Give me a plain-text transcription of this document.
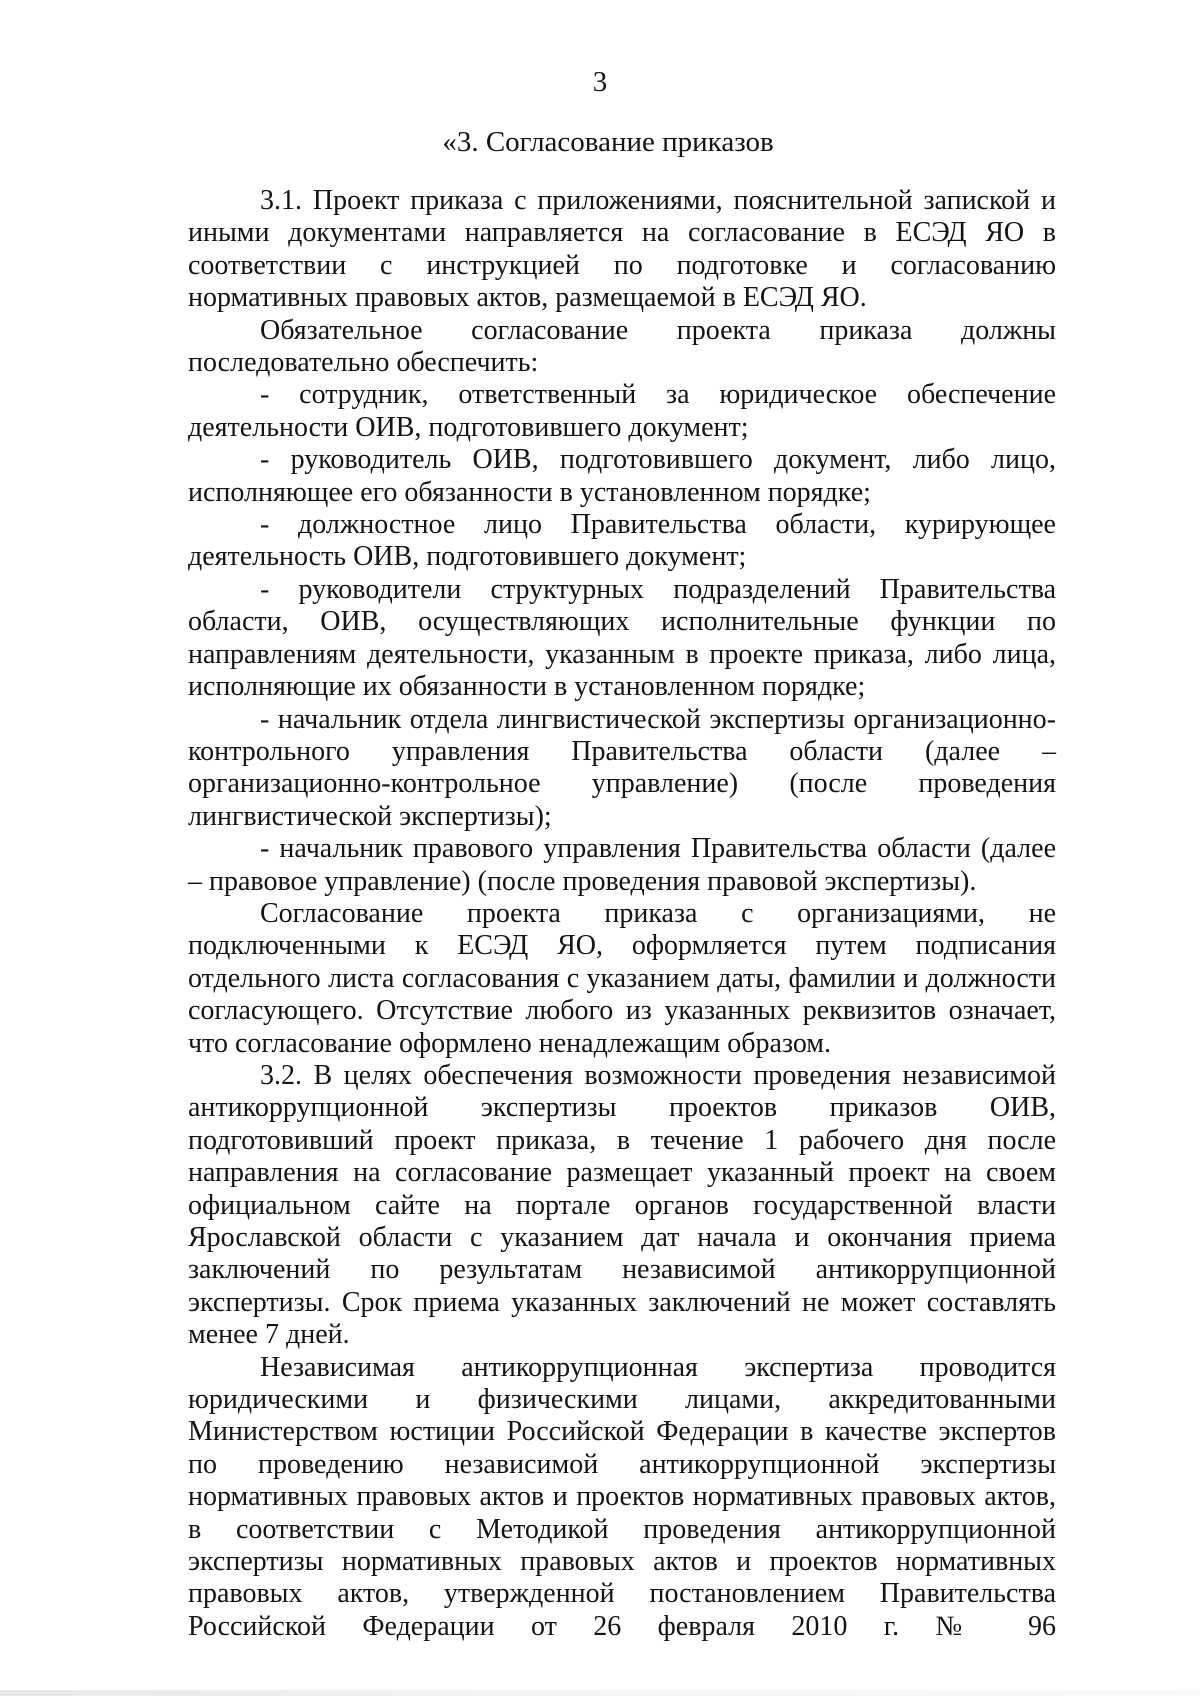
3
«3. Согласование приказов

3.1. Проект приказа с приложениями, пояснительной запиской и иными документами направляется на согласование в ЕСЭД ЯО в соответствии с инструкцией по подготовке и согласованию нормативных правовых актов, размещаемой в ЕСЭД ЯО.

Обязательное согласование проекта приказа должны последовательно обеспечить:

- сотрудник, ответственный за юридическое обеспечение деятельности ОИВ, подготовившего документ;

- руководитель ОИВ, подготовившего документ, либо лицо, исполняющее его обязанности в установленном порядке;

- должностное лицо Правительства области, курирующее деятельность ОИВ, подготовившего документ;

- руководители структурных подразделений Правительства области, ОИВ, осуществляющих исполнительные функции по направлениям деятельности, указанным в проекте приказа, либо лица, исполняющие их обязанности в установленном порядке;

- начальник отдела лингвистической экспертизы организационно-контрольного управления Правительства области (далее – организационно-контрольное управление) (после проведения лингвистической экспертизы);

- начальник правового управления Правительства области (далее – правовое управление) (после проведения правовой экспертизы).

Согласование проекта приказа с организациями, не подключенными к ЕСЭД ЯО, оформляется путем подписания отдельного листа согласования с указанием даты, фамилии и должности согласующего. Отсутствие любого из указанных реквизитов означает, что согласование оформлено ненадлежащим образом.

3.2. В целях обеспечения возможности проведения независимой антикоррупционной экспертизы проектов приказов ОИВ, подготовивший проект приказа, в течение 1 рабочего дня после направления на согласование размещает указанный проект на своем официальном сайте на портале органов государственной власти Ярославской области с указанием дат начала и окончания приема заключений по результатам независимой антикоррупционной экспертизы. Срок приема указанных заключений не может составлять менее 7 дней.

Независимая антикоррупционная экспертиза проводится юридическими и физическими лицами, аккредитованными Министерством юстиции Российской Федерации в качестве экспертов по проведению независимой антикоррупционной экспертизы нормативных правовых актов и проектов нормативных правовых актов, в соответствии с Методикой проведения антикоррупционной экспертизы нормативных правовых актов и проектов нормативных правовых актов, утвержденной постановлением Правительства Российской Федерации от 26 февраля 2010 г. № 96
